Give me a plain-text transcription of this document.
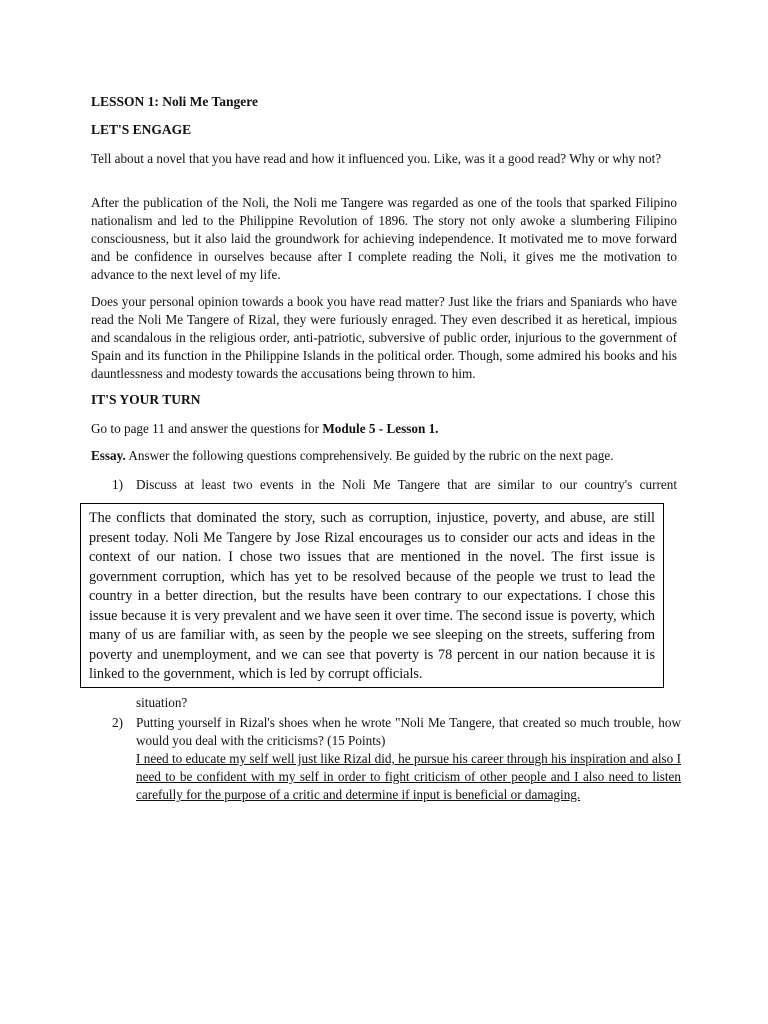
LESSON 1: Noli Me Tangere
LET'S ENGAGE

Tell about a novel that you have read and how it influenced you. Like, was it a good read? Why or why not?

After the publication of the Noli, the Noli me Tangere was regarded as one of the tools that sparked Filipino nationalism and led to the Philippine Revolution of 1896. The story not only awoke a slumbering Filipino consciousness, but it also laid the groundwork for achieving independence. It motivated me to move forward and be confidence in ourselves because after I complete reading the Noli, it gives me the motivation to advance to the next level of my life.

Does your personal opinion towards a book you have read matter? Just like the friars and Spaniards who have read the Noli Me Tangere of Rizal, they were furiously enraged. They even described it as heretical, impious and scandalous in the religious order, anti-patriotic, subversive of public order, injurious to the government of Spain and its function in the Philippine Islands in the political order. Though, some admired his books and his dauntlessness and modesty towards the accusations being thrown to him.

IT'S YOUR TURN

Go to page 11 and answer the questions for Module 5 - Lesson 1.

Essay. Answer the following questions comprehensively. Be guided by the rubric on the next page.

1) Discuss at least two events in the Noli Me Tangere that are similar to our country's current
The conflicts that dominated the story, such as corruption, injustice, poverty, and abuse, are still present today. Noli Me Tangere by Jose Rizal encourages us to consider our acts and ideas in the context of our nation. I chose two issues that are mentioned in the novel. The first issue is government corruption, which has yet to be resolved because of the people we trust to lead the country in a better direction, but the results have been contrary to our expectations. I chose this issue because it is very prevalent and we have seen it over time. The second issue is poverty, which many of us are familiar with, as seen by the people we see sleeping on the streets, suffering from poverty and unemployment, and we can see that poverty is 78 percent in our nation because it is linked to the government, which is led by corrupt officials.
situation?
2) Putting yourself in Rizal's shoes when he wrote "Noli Me Tangere, that created so much trouble, how would you deal with the criticisms? (15 Points)
I need to educate my self well just like Rizal did, he pursue his career through his inspiration and also I need to be confident with my self in order to fight criticism of other people and I also need to listen carefully for the purpose of a critic and determine if input is beneficial or damaging.
